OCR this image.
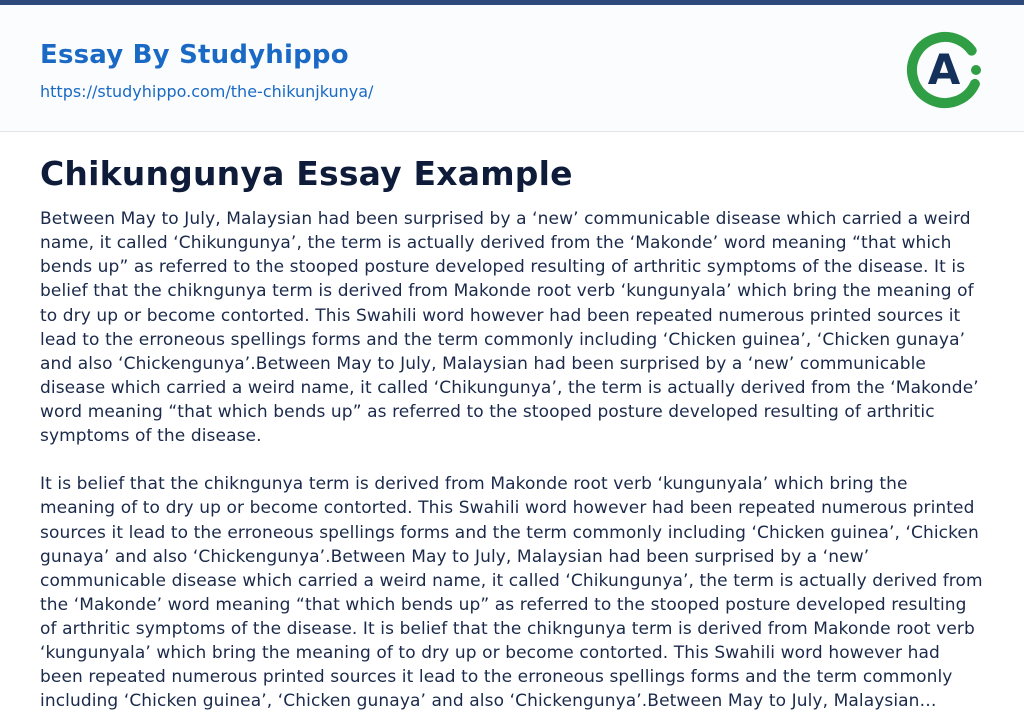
Essay By Studyhippo
https://studyhippo.com/the-chikunjkunya/	A
Chikungunya Essay Example

Between May to July, Malaysian had been surprised by a ‘new’ communicable disease which carried a weird name, it called ‘Chikungunya’, the term is actually derived from the ‘Makonde’ word meaning “that which bends up” as referred to the stooped posture developed resulting of arthritic symptoms of the disease. It is belief that the chikngunya term is derived from Makonde root verb ‘kungunyala’ which bring the meaning of to dry up or become contorted. This Swahili word however had been repeated numerous printed sources it lead to the erroneous spellings forms and the term commonly including ‘Chicken guinea’, ‘Chicken gunaya’ and also ‘Chickengunya’.Between May to July, Malaysian had been surprised by a ‘new’ communicable disease which carried a weird name, it called ‘Chikungunya’, the term is actually derived from the ‘Makonde’ word meaning “that which bends up” as referred to the stooped posture developed resulting of arthritic symptoms of the disease.

It is belief that the chikngunya term is derived from Makonde root verb ‘kungunyala’ which bring the meaning of to dry up or become contorted. This Swahili word however had been repeated numerous printed sources it lead to the erroneous spellings forms and the term commonly including ‘Chicken guinea’, ‘Chicken gunaya’ and also ‘Chickengunya’.Between May to July, Malaysian had been surprised by a ‘new’ communicable disease which carried a weird name, it called ‘Chikungunya’, the term is actually derived from the ‘Makonde’ word meaning “that which bends up” as referred to the stooped posture developed resulting of arthritic symptoms of the disease. It is belief that the chikngunya term is derived from Makonde root verb ‘kungunyala’ which bring the meaning of to dry up or become contorted. This Swahili word however had been repeated numerous printed sources it lead to the erroneous spellings forms and the term commonly including ‘Chicken guinea’, ‘Chicken gunaya’ and also ‘Chickengunya’.Between May to July, Malaysian…
